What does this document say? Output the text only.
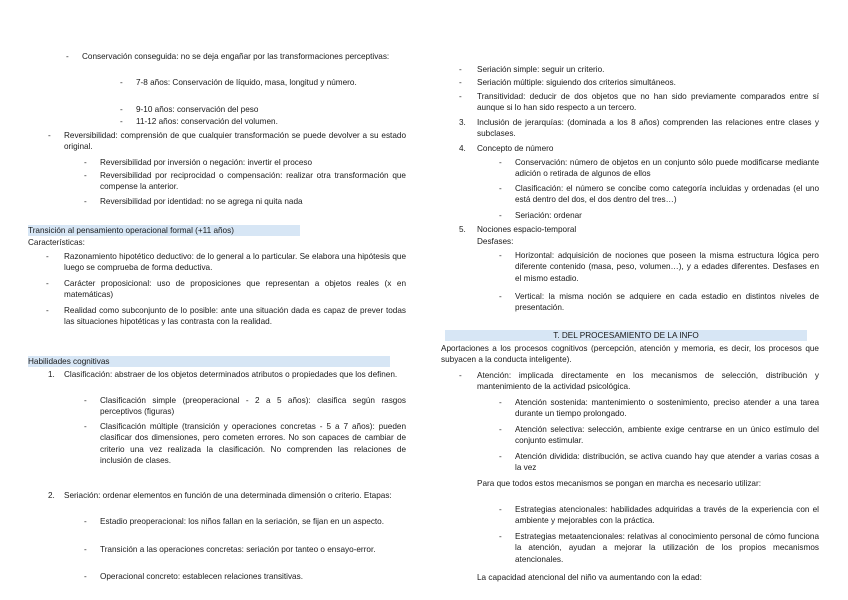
- Conservación conseguida: no se deja engañar por las transformaciones perceptivas:
- 7-8 años: Conservación de líquido, masa, longitud y número.
- 9-10 años: conservación del peso
- 11-12 años: conservación del volumen.
- Reversibilidad: comprensión de que cualquier transformación se puede devolver a su estado original.
- Reversibilidad por inversión o negación: invertir el proceso
- Reversibilidad por reciprocidad o compensación: realizar otra transformación que compense la anterior.
- Reversibilidad por identidad: no se agrega ni quita nada
Transición al pensamiento operacional formal (+11 años)
Características:
- Razonamiento hipotético deductivo: de lo general a lo particular. Se elabora una hipótesis que luego se comprueba de forma deductiva.
- Carácter proposicional: uso de proposiciones que representan a objetos reales (x en matemáticas)
- Realidad como subconjunto de lo posible: ante una situación dada es capaz de prever todas las situaciones hipotéticas y las contrasta con la realidad.
Habilidades cognitivas
1. Clasificación: abstraer de los objetos determinados atributos o propiedades que los definen.
- Clasificación simple (preoperacional - 2 a 5 años): clasifica según rasgos perceptivos (figuras)
- Clasificación múltiple (transición y operaciones concretas - 5 a 7 años): pueden clasificar dos dimensiones, pero cometen errores. No son capaces de cambiar de criterio una vez realizada la clasificación. No comprenden las relaciones de inclusión de clases.
2. Seriación: ordenar elementos en función de una determinada dimensión o criterio. Etapas:
- Estadio preoperacional: los niños fallan en la seriación, se fijan en un aspecto.
- Transición a las operaciones concretas: seriación por tanteo o ensayo-error.
- Operacional concreto: establecen relaciones transitivas.
- Seriación simple: seguir un criterio.
- Seriación múltiple: siguiendo dos criterios simultáneos.
- Transitividad: deducir de dos objetos que no han sido previamente comparados entre sí aunque si lo han sido respecto a un tercero.
3. Inclusión de jerarquías: (dominada a los 8 años) comprenden las relaciones entre clases y subclases.
4. Concepto de número
- Conservación: número de objetos en un conjunto sólo puede modificarse mediante adición o retirada de algunos de ellos
- Clasificación: el número se concibe como categoría incluidas y ordenadas (el uno está dentro del dos, el dos dentro del tres…)
- Seriación: ordenar
5. Nociones espacio-temporal
Desfases:
- Horizontal: adquisición de nociones que poseen la misma estructura lógica pero diferente contenido (masa, peso, volumen…), y a edades diferentes. Desfases en el mismo estadio.
- Vertical: la misma noción se adquiere en cada estadio en distintos niveles de presentación.
T. DEL PROCESAMIENTO DE LA INFO
Aportaciones a los procesos cognitivos (percepción, atención y memoria, es decir, los procesos que subyacen a la conducta inteligente).
- Atención: implicada directamente en los mecanismos de selección, distribución y mantenimiento de la actividad psicológica.
- Atención sostenida: mantenimiento o sostenimiento, preciso atender a una tarea durante un tiempo prolongado.
- Atención selectiva: selección, ambiente exige centrarse en un único estímulo del conjunto estimular.
- Atención dividida: distribución, se activa cuando hay que atender a varias cosas a la vez
Para que todos estos mecanismos se pongan en marcha es necesario utilizar:
- Estrategias atencionales: habilidades adquiridas a través de la experiencia con el ambiente y mejorables con la práctica.
- Estrategias metaatencionales: relativas al conocimiento personal de cómo funciona la atención, ayudan a mejorar la utilización de los propios mecanismos atencionales.
La capacidad atencional del niño va aumentando con la edad:
